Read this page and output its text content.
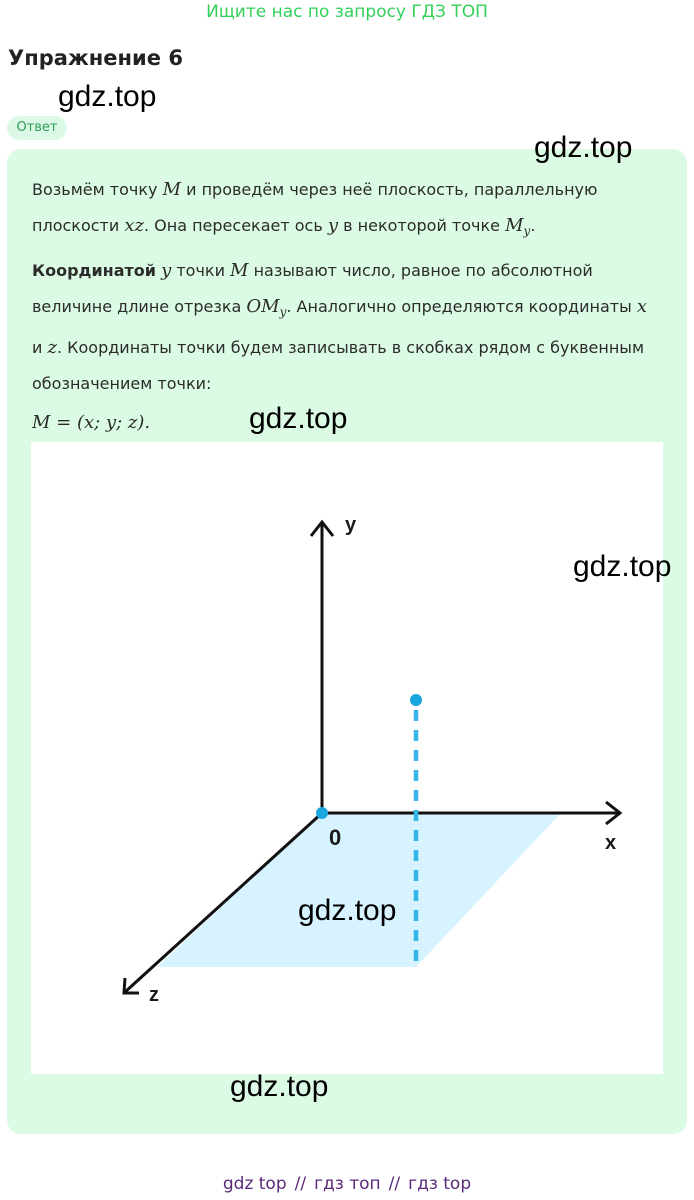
Ищите нас по запросу ГДЗ ТОП
Упражнение 6
gdz.top
Ответ
gdz.top
Возьмём точку M и проведём через неё плоскость, параллельную плоскости xz. Она пересекает ось y в некоторой точке $M_y$.
Координатой y точки M называют число, равное по абсолютной величине длине отрезка $OM_y$. Аналогично определяются координаты x и z. Координаты точки будем записывать в скобках рядом с буквенным обозначением точки:
M = (x; y; z).	gdz.top
y
x
z
0
gdz.top
gdz.top
gdz.top
gdz top // гдз топ // гдз top
